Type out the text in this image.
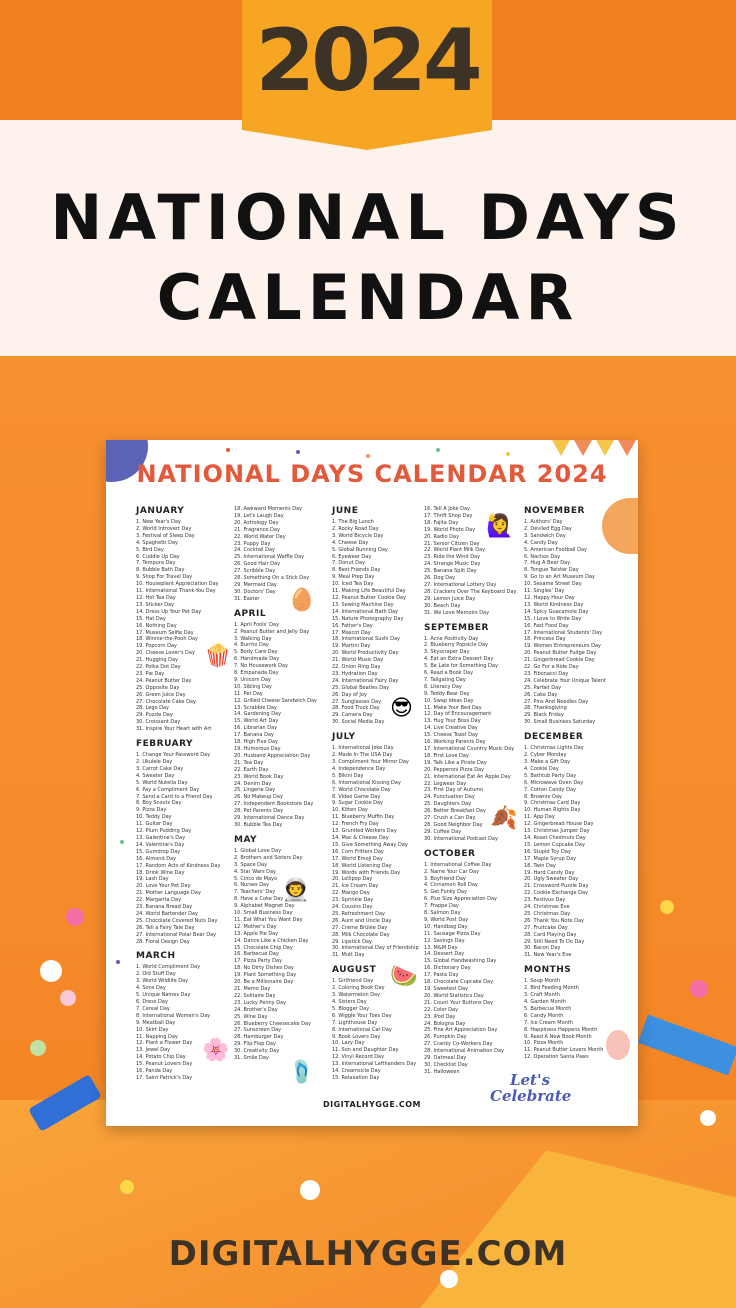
2024
NATIONAL DAYS
CALENDAR
NATIONAL DAYS CALENDAR 2024
JANUARY
1. New Year's Day
2. World Introvert Day
3. Festival of Sleep Day
4. Spaghetti Day
5. Bird Day
6. Cuddle Up Day
7. Tempura Day
8. Bubble Bath Day
9. Shop For Travel Day
10. Houseplant Appreciation Day
11. International Thank-You Day
12. Hot Tea Day
13. Sticker Day
14. Dress Up Your Pet Day
15. Hat Day
16. Nothing Day
17. Museum Selfie Day
18. Winnie-the-Pooh Day
19. Popcorn Day
20. Cheese Lover's Day
21. Hugging Day
22. Polka Dot Day
23. Pie Day
24. Peanut Butter Day
25. Opposite Day
26. Green Juice Day
27. Chocolate Cake Day
28. Lego Day
29. Puzzle Day
30. Croissant Day
31. Inspire Your Heart with Art
FEBRUARY
1. Change Your Password Day
2. Ukulele Day
3. Carrot Cake Day
4. Sweater Day
5. World Nutella Day
6. Pay a Compliment Day
7. Send a Card to a Friend Day
8. Boy Scouts Day
9. Pizza Day
10. Teddy Day
11. Guitar Day
12. Plum Pudding Day
13. Galentine's Day
14. Valentine's Day
15. Gumdrop Day
16. Almond Day
17. Random Acts of Kindness Day
18. Drink Wine Day
19. Lash Day
20. Love Your Pet Day
21. Mother Language Day
22. Margarita Day
23. Banana Bread Day
24. World Bartender Day
25. Chocolate Covered Nuts Day
26. Tell a Fairy Tale Day
27. International Polar Bear Day
28. Floral Design Day
MARCH
1. World Compliment Day
2. Old Stuff Day
3. World Wildlife Day
4. Sons Day
5. Unique Names Day
6. Dress Day
7. Cereal Day
8. International Women's Day
9. Meatball Day
10. Skirt Day
11. Napping Day
12. Plant a Flower Day
13. Jewel Day
14. Potato Chip Day
15. Peanut Lovers Day
16. Panda Day
17. Saint Patrick's Day
18. Awkward Moments Day
19. Let's Laugh Day
20. Astrology Day
21. Fragrance Day
22. World Water Day
23. Puppy Day
24. Cocktail Day
25. International Waffle Day
26. Good Hair Day
27. Scribble Day
28. Something On a Stick Day
29. Mermaid Day
30. Doctors' Day
31. Easter
APRIL
1. April Fools' Day
2. Peanut Butter and Jelly Day
3. Walking Day
4. Burrito Day
5. Body Care Day
6. Handmade Day
7. No Housework Day
8. Empanada Day
9. Unicorn Day
10. Sibling Day
11. Pet Day
12. Grilled Cheese Sandwich Day
13. Scrabble Day
14. Gardening Day
15. World Art Day
16. Librarian Day
17. Banana Day
18. High Five Day
19. Humorous Day
20. Husband Appreciation Day
21. Tea Day
22. Earth Day
23. World Book Day
24. Denim Day
25. Lingerie Day
26. No Makeup Day
27. Independent Bookstore Day
28. Pet Parents Day
29. International Dance Day
30. Bubble Tea Day
MAY
1. Global Love Day
2. Brothers and Sisters Day
3. Space Day
4. Star Wars Day
5. Cinco de Mayo
6. Nurses Day
7. Teachers' Day
8. Have a Coke Day
9. Alphabet Magnet Day
10. Small Business Day
11. Eat What You Want Day
12. Mother's Day
13. Apple Pie Day
14. Dance Like a Chicken Day
15. Chocolate Chip Day
16. Barbecue Day
17. Pizza Party Day
18. No Dirty Dishes Day
19. Plant Something Day
20. Be a Millionaire Day
21. Memo Day
22. Solitaire Day
23. Lucky Penny Day
24. Brother's Day
25. Wine Day
26. Blueberry Cheesecake Day
27. Sunscreen Day
28. Hamburger Day
29. Flip Flop Day
30. Creativity Day
31. Smile Day
JUNE
1. The Big Lunch
2. Rocky Road Day
3. World Bicycle Day
4. Cheese Day
5. Global Running Day
6. Eyewear Day
7. Donut Day
8. Best Friends Day
9. Meal Prep Day
10. Iced Tea Day
11. Making Life Beautiful Day
12. Peanut Butter Cookie Day
13. Sewing Machine Day
14. International Bath Day
15. Nature Photography Day
16. Father's Day
17. Mascot Day
18. International Sushi Day
19. Martini Day
20. World Productivity Day
21. World Music Day
22. Onion Ring Day
23. Hydration Day
24. International Fairy Day
25. Global Beatles Day
26. Day of Joy
27. Sunglasses Day
28. Food Truck Day
29. Camera Day
30. Social Media Day
JULY
1. International Joke Day
2. Made In The USA Day
3. Compliment Your Mirror Day
4. Independence Day
5. Bikini Day
6. International Kissing Day
7. World Chocolate Day
8. Video Game Day
9. Sugar Cookie Day
10. Kitten Day
11. Blueberry Muffin Day
12. French Fry Day
13. Gruntled Workers Day
14. Mac & Cheese Day
15. Give Something Away Day
16. Corn Fritters Day
17. World Emoji Day
18. World Listening Day
19. Words with Friends Day
20. Lollipop Day
21. Ice Cream Day
22. Mango Day
23. Sprinkle Day
24. Cousins Day
25. Refreshment Day
26. Aunt and Uncle Day
27. Crème Brûlée Day
28. Milk Chocolate Day
29. Lipstick Day
30. International Day of Friendship
31. Mutt Day
AUGUST
1. Girlfriend Day
2. Coloring Book Day
3. Watermelon Day
4. Sisters Day
5. Blogger Day
6. Wiggle Your Toes Day
7. Lighthouse Day
8. International Cat Day
9. Book Lovers Day
10. Lazy Day
11. Son and Daughter Day
12. Vinyl Record Day
13. International Lefthanders Day
14. Creamsicle Day
15. Relaxation Day
16. Tell A Joke Day
17. Thrift Shop Day
18. Fajita Day
19. World Photo Day
20. Radio Day
21. Senior Citizen Day
22. World Plant Milk Day
23. Ride the Wind Day
24. Strange Music Day
25. Banana Split Day
26. Dog Day
27. International Lottery Day
28. Crackers Over The Keyboard Day
29. Lemon Juice Day
30. Beach Day
31. We Love Memoirs Day
SEPTEMBER
1. Acne Positivity Day
2. Blueberry Popsicle Day
3. Skyscraper Day
4. Eat an Extra Dessert Day
5. Be Late for Something Day
6. Read a Book Day
7. Tailgating Day
8. Literacy Day
9. Teddy Bear Day
10. Swap Ideas Day
11. Make Your Bed Day
12. Day of Encouragement
13. Hug Your Boss Day
14. Live Creative Day
15. Cheese Toast Day
16. Working Parents Day
17. International Country Music Day
18. First Love Day
19. Talk Like a Pirate Day
20. Pepperoni Pizza Day
21. International Eat An Apple Day
22. Legwear Day
23. First Day of Autumn
24. Punctuation Day
25. Daughters Day
26. Better Breakfast Day
27. Crush a Can Day
28. Good Neighbor Day
29. Coffee Day
30. International Podcast Day
OCTOBER
1. International Coffee Day
2. Name Your Car Day
3. Boyfriend Day
4. Cinnamon Roll Day
5. Get Funky Day
6. Plus Size Appreciation Day
7. Frappe Day
8. Salmon Day
9. World Post Day
10. Handbag Day
11. Sausage Pizza Day
12. Savings Day
13. M&M Day
14. Dessert Day
15. Global Handwashing Day
16. Dictionary Day
17. Pasta Day
18. Chocolate Cupcake Day
19. Sweetest Day
20. World Statistics Day
21. Count Your Buttons Day
22. Color Day
23. iPod Day
24. Bologna Day
25. Fine Art Appreciation Day
26. Pumpkin Day
27. Cranky Co-Workers Day
28. International Animation Day
29. Oatmeal Day
30. Checklist Day
31. Halloween
NOVEMBER
1. Authors' Day
2. Deviled Egg Day
3. Sandwich Day
4. Candy Day
5. American Football Day
6. Nachos Day
7. Hug A Bear Day
8. Tongue Twister Day
9. Go to an Art Museum Day
10. Sesame Street Day
11. Singles' Day
12. Happy Hour Day
13. World Kindness Day
14. Spicy Guacamole Day
15. I Love to Write Day
16. Fast Food Day
17. International Students' Day
18. Princess Day
19. Women Entrepreneurs Day
20. Peanut Butter Fudge Day
21. Gingerbread Cookie Day
22. Go For a Ride Day
23. Fibonacci Day
24. Celebrate Your Unique Talent
25. Parfait Day
26. Cake Day
27. Pins And Needles Day
28. Thanksgiving
29. Black Friday
30. Small Business Saturday
DECEMBER
1. Christmas Lights Day
2. Cyber Monday
3. Make a Gift Day
4. Cookie Day
5. Bathtub Party Day
6. Microwave Oven Day
7. Cotton Candy Day
8. Brownie Day
9. Christmas Card Day
10. Human Rights Day
11. App Day
12. Gingerbread House Day
13. Christmas Jumper Day
14. Roast Chestnuts Day
15. Lemon Cupcake Day
16. Stupid Toy Day
17. Maple Syrup Day
18. Twin Day
19. Hard Candy Day
20. Ugly Sweater Day
21. Crossword Puzzle Day
22. Cookie Exchange Day
23. Festivus Day
24. Christmas Eve
25. Christmas Day
26. Thank You Note Day
27. Fruitcake Day
28. Card Playing Day
29. Still Need To Do Day
30. Bacon Day
31. New Year's Eve
MONTHS
1. Soup Month
2. Bird Feeding Month
3. Craft Month
4. Garden Month
5. Barbecue Month
6. Candy Month
7. Ice Cream Month
8. Happiness Happens Month
9. Read A New Book Month
10. Pizza Month
11. Peanut Butter Lovers Month
12. Operation Santa Paws
🍿
🥚
😎
👨‍🚀
🍉
🩴
🌸
🍂
🙋‍♀️
Let's
Celebrate
DIGITALHYGGE.COM
DIGITALHYGGE.COM
